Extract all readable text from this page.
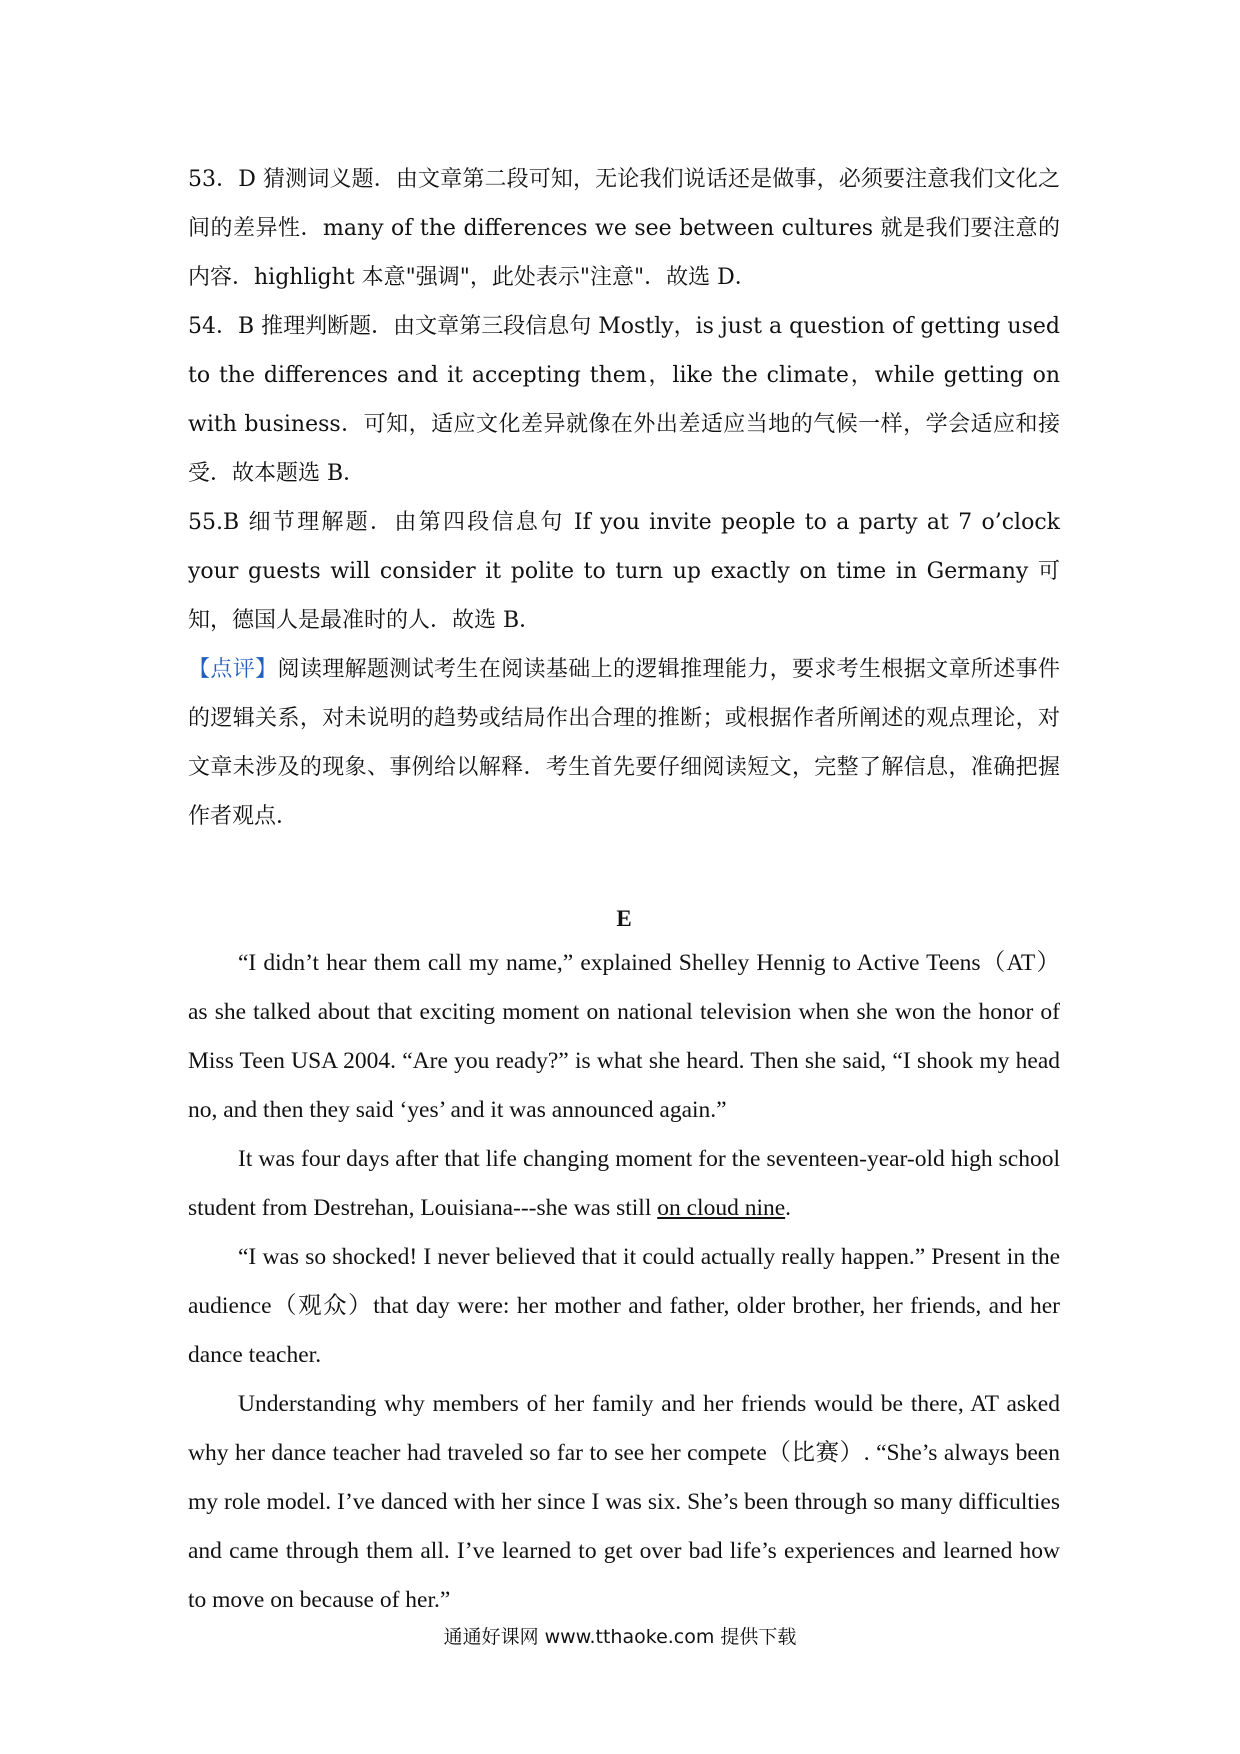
53．D 猜测词义题．由文章第二段可知，无论我们说话还是做事，必须要注意我们文化之间的差异性．many of the differences we see between cultures 就是我们要注意的内容．highlight 本意"强调"，此处表示"注意"．故选 D．

54．B 推理判断题．由文章第三段信息句 Mostly，is just a question of getting used to the differences and it accepting them，like the climate，while getting on with business．可知，适应文化差异就像在外出差适应当地的气候一样，学会适应和接受．故本题选 B．

55.B 细节理解题．由第四段信息句 If you invite people to a party at 7 o’clock your guests will consider it polite to turn up exactly on time in Germany 可知，德国人是最准时的人．故选 B．

【点评】阅读理解题测试考生在阅读基础上的逻辑推理能力，要求考生根据文章所述事件的逻辑关系，对未说明的趋势或结局作出合理的推断；或根据作者所阐述的观点理论，对文章未涉及的现象、事例给以解释．考生首先要仔细阅读短文，完整了解信息，准确把握作者观点．

E

“I didn’t hear them call my name,” explained Shelley Hennig to Active Teens（AT）as she talked about that exciting moment on national television when she won the honor of Miss Teen USA 2004. “Are you ready?” is what she heard. Then she said, “I shook my head no, and then they said ‘yes’ and it was announced again.”

It was four days after that life changing moment for the seventeen-year-old high school student from Destrehan, Louisiana---she was still on cloud nine.

“I was so shocked! I never believed that it could actually really happen.” Present in the audience（观众）that day were: her mother and father, older brother, her friends, and her dance teacher.

Understanding why members of her family and her friends would be there, AT asked why her dance teacher had traveled so far to see her compete（比赛）. “She’s always been my role model. I’ve danced with her since I was six. She’s been through so many difficulties and came through them all. I’ve learned to get over bad life’s experiences and learned how to move on because of her.”

通通好课网 www.tthaoke.com 提供下载
